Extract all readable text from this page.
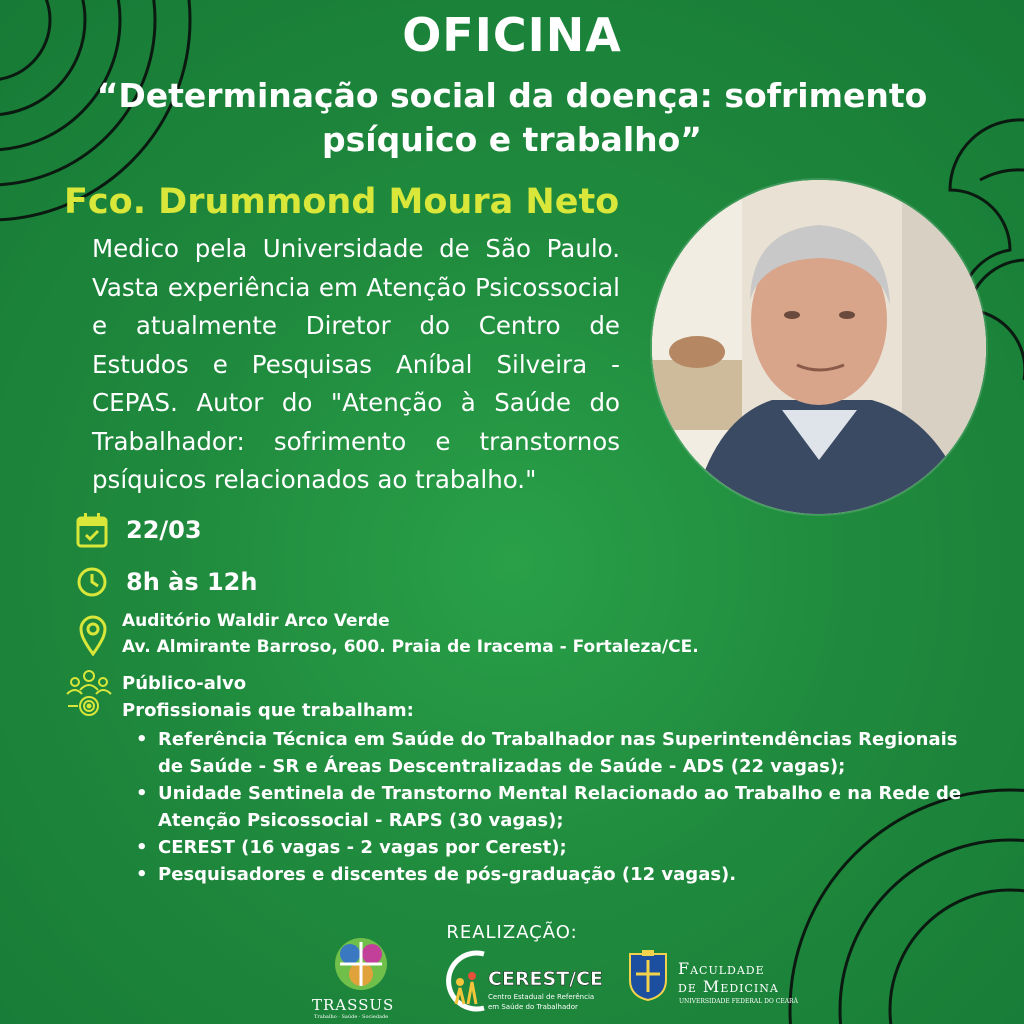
OFICINA
“Determinação social da doença: sofrimento
psíquico e trabalho”
Fco. Drummond Moura Neto
Medico pela Universidade de São Paulo.
Vasta experiência em Atenção Psicossocial
e atualmente Diretor do Centro de
Estudos e Pesquisas Aníbal Silveira -
CEPAS. Autor do "Atenção à Saúde do
Trabalhador: sofrimento e transtornos
psíquicos relacionados ao trabalho."
22/03
8h às 12h
Auditório Waldir Arco Verde
Av. Almirante Barroso, 600. Praia de Iracema - Fortaleza/CE.
Público-alvo
Profissionais que trabalham:
• Referência Técnica em Saúde do Trabalhador nas Superintendências Regionais
de Saúde - SR e Áreas Descentralizadas de Saúde - ADS (22 vagas);
• Unidade Sentinela de Transtorno Mental Relacionado ao Trabalho e na Rede de
Atenção Psicossocial - RAPS (30 vagas);
• CEREST (16 vagas - 2 vagas por Cerest);
• Pesquisadores e discentes de pós-graduação (12 vagas).
REALIZAÇÃO:
TRASSUS
Trabalho · Saúde · Sociedade
CEREST/CE
Centro Estadual de Referência
em Saúde do Trabalhador
Faculdade
de Medicina
UNIVERSIDADE FEDERAL DO CEARÁ
